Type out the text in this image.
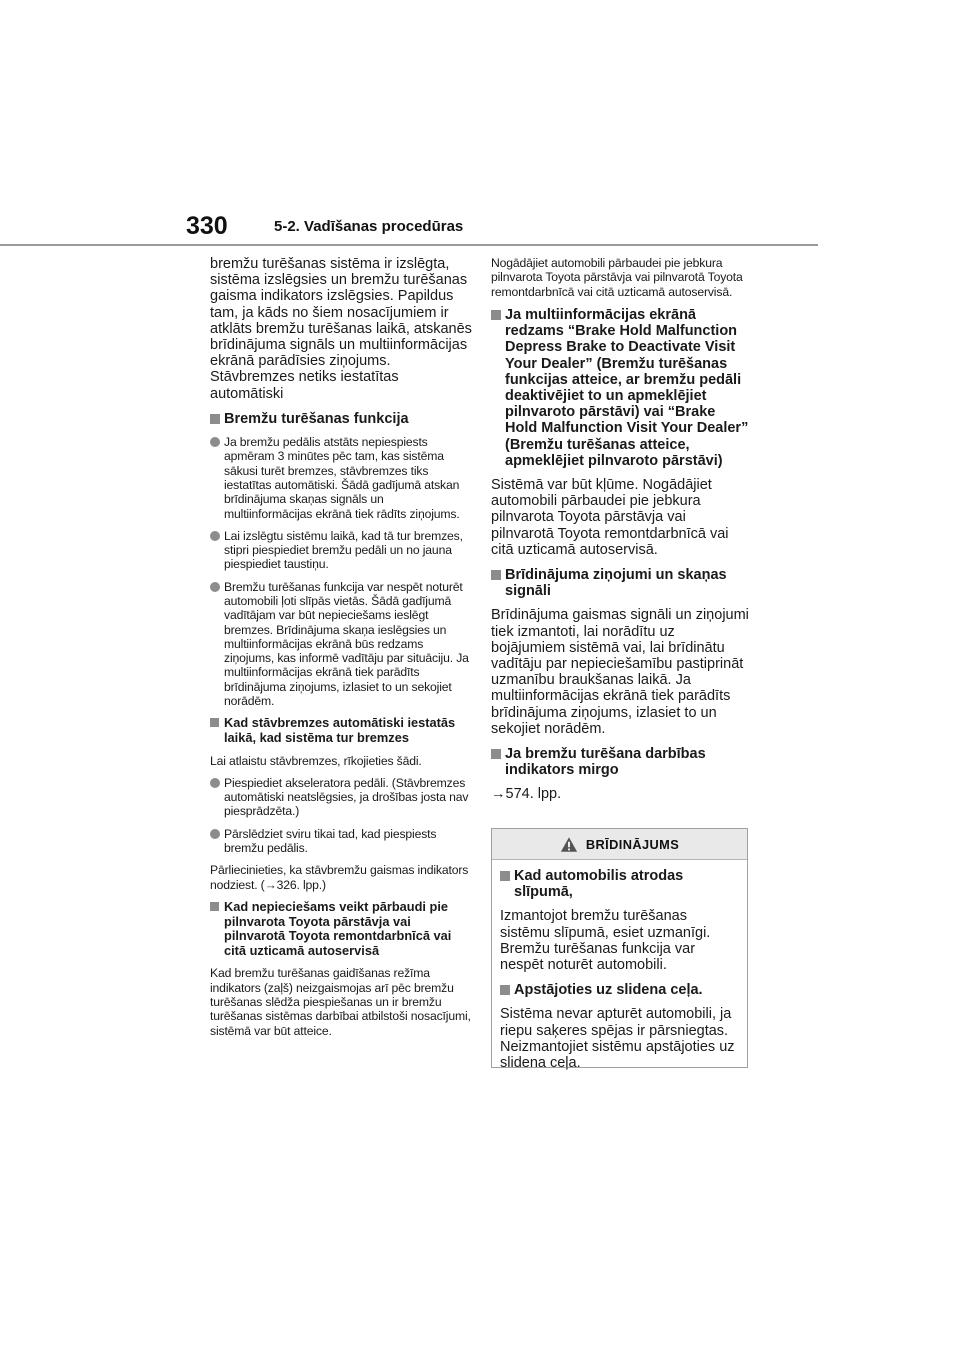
330	5-2. Vadīšanas procedūras

bremžu turēšanas sistēma ir izslēgta, sistēma izslēgsies un bremžu turēšanas gaisma indikators izslēgsies. Papildus tam, ja kāds no šiem nosacījumiem ir atklāts bremžu turēšanas laikā, atskanēs brīdinājuma signāls un multiinformācijas ekrānā parādīsies ziņojums. Stāvbremzes netiks iestatītas automātiski

Bremžu turēšanas funkcija
Ja bremžu pedālis atstāts nepiespiests apmēram 3 minūtes pēc tam, kas sistēma sākusi turēt bremzes, stāvbremzes tiks iestatītas automātiski. Šādā gadījumā atskan brīdinājuma skaņas signāls un multiinformācijas ekrānā tiek rādīts ziņojums.
Lai izslēgtu sistēmu laikā, kad tā tur bremzes, stipri piespiediet bremžu pedāli un no jauna piespiediet taustiņu.
Bremžu turēšanas funkcija var nespēt noturēt automobili ļoti slīpās vietās. Šādā gadījumā vadītājam var būt nepieciešams ieslēgt bremzes. Brīdinājuma skaņa ieslēgsies un multiinformācijas ekrānā būs redzams ziņojums, kas informē vadītāju par situāciju. Ja multiinformācijas ekrānā tiek parādīts brīdinājuma ziņojums, izlasiet to un sekojiet norādēm.
Kad stāvbremzes automātiski iestatās laikā, kad sistēma tur bremzes

Lai atlaistu stāvbremzes, rīkojieties šādi.

Piespiediet akseleratora pedāli. (Stāvbremzes automātiski neatslēgsies, ja drošības josta nav piesprādzēta.)
Pārslēdziet sviru tikai tad, kad piespiests bremžu pedālis.

Pārliecinieties, ka stāvbremžu gaismas indikators nodziest. (→326. lpp.)

Kad nepieciešams veikt pārbaudi pie pilnvarota Toyota pārstāvja vai pilnvarotā Toyota remontdarbnīcā vai citā uzticamā autoservisā

Kad bremžu turēšanas gaidīšanas režīma indikators (zaļš) neizgaismojas arī pēc bremžu turēšanas slēdža piespiešanas un ir bremžu turēšanas sistēmas darbībai atbilstoši nosacījumi, sistēmā var būt atteice.

Nogādājiet automobili pārbaudei pie jebkura pilnvarota Toyota pārstāvja vai pilnvarotā Toyota remontdarbnīcā vai citā uzticamā autoservisā.

Ja multiinformācijas ekrānā redzams “Brake Hold Malfunction Depress Brake to Deactivate Visit Your Dealer” (Bremžu turēšanas funkcijas atteice, ar bremžu pedāli deaktivējiet to un apmeklējiet pilnvaroto pārstāvi) vai “Brake Hold Malfunction Visit Your Dealer” (Bremžu turēšanas atteice, apmeklējiet pilnvaroto pārstāvi)

Sistēmā var būt kļūme. Nogādājiet automobili pārbaudei pie jebkura pilnvarota Toyota pārstāvja vai pilnvarotā Toyota remontdarbnīcā vai citā uzticamā autoservisā.

Brīdinājuma ziņojumi un skaņas signāli

Brīdinājuma gaismas signāli un ziņojumi tiek izmantoti, lai norādītu uz bojājumiem sistēmā vai, lai brīdinātu vadītāju par nepieciešamību pastiprināt uzmanību braukšanas laikā. Ja multiinformācijas ekrānā tiek parādīts brīdinājuma ziņojums, izlasiet to un sekojiet norādēm.

Ja bremžu turēšana darbības indikators mirgo

→574. lpp.

BRĪDINĀJUMS
Kad automobilis atrodas slīpumā,

Izmantojot bremžu turēšanas sistēmu slīpumā, esiet uzmanīgi. Bremžu turēšanas funkcija var nespēt noturēt automobili.

Apstājoties uz slidena ceļa.

Sistēma nevar apturēt automobili, ja riepu saķeres spējas ir pārsniegtas. Neizmantojiet sistēmu apstājoties uz slidena ceļa.
